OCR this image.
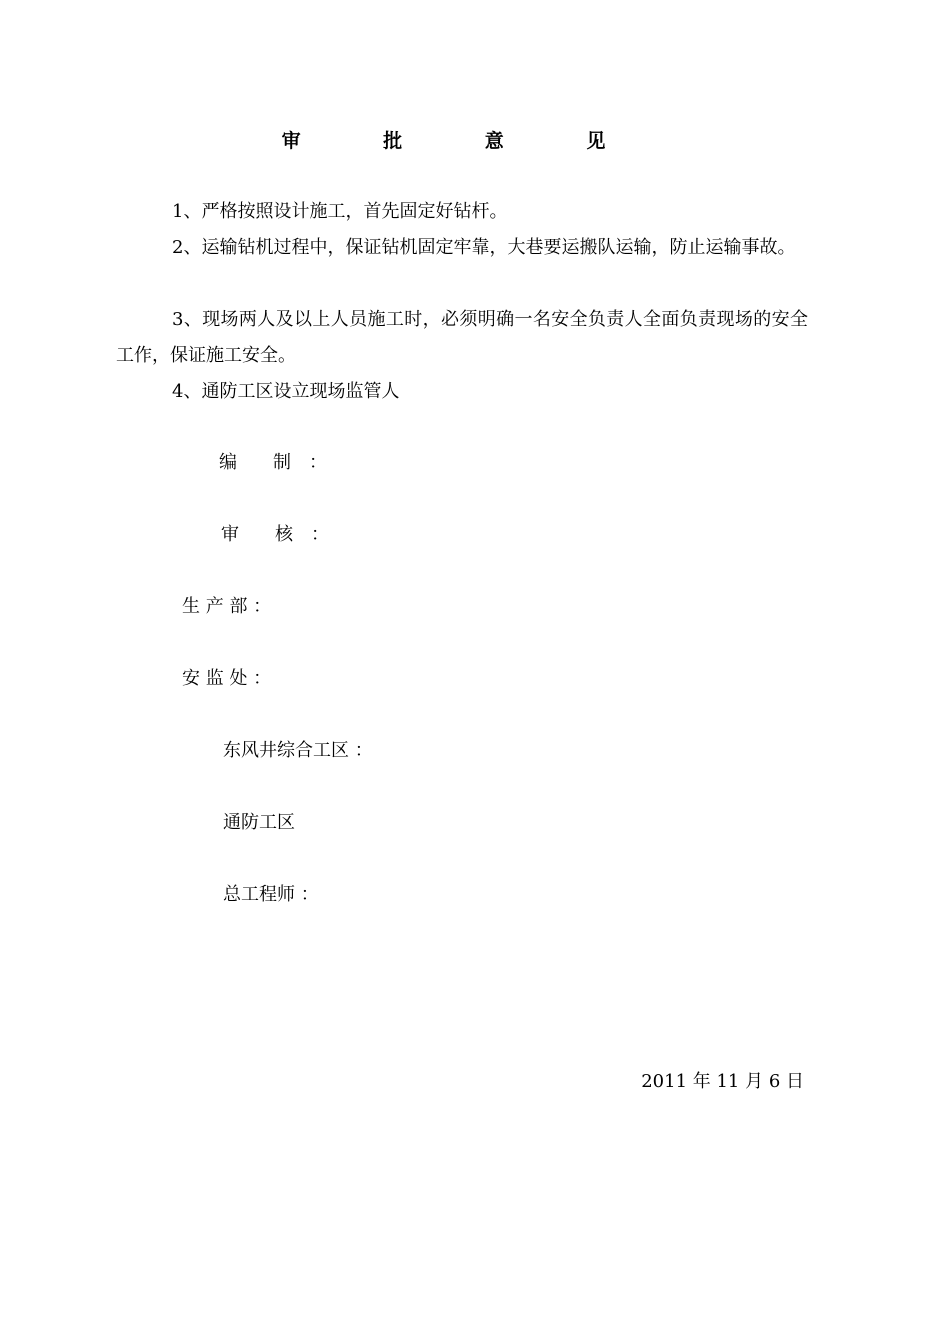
审 批 意 见
1、严格按照设计施工，首先固定好钻杆。
2、运输钻机过程中，保证钻机固定牢靠，大巷要运搬队运输，防止运输事故。
3、现场两人及以上人员施工时，必须明确一名安全负责人全面负责现场的安全工作，保证施工安全。
4、通防工区设立现场监管人
编　　制　：
审　　核　：
生 产 部 ：
安 监 处 ：
东风井综合工区 ：
通防工区
总工程师 ：
2011 年 11 月 6 日
